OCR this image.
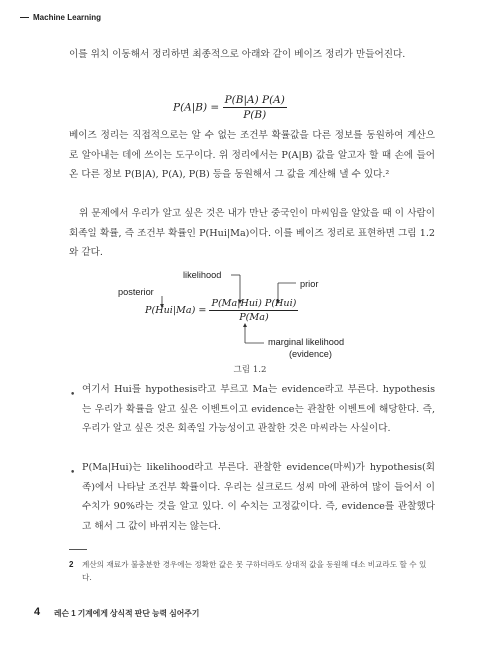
Machine Learning

이를 위치 이동해서 정리하면 최종적으로 아래와 같이 베이즈 정리가 만들어진다.

$P(A|B) = \frac{P(B|A) P(A)}{P(B)}$

베이즈 정리는 직접적으로는 알 수 없는 조건부 확률값을 다른 정보를 동원하여 계산으로 알아내는 데에 쓰이는 도구이다. 위 정리에서는 P(A|B) 값을 알고자 할 때 손에 들어온 다른 정보 P(B|A), P(A), P(B) 등을 동원해서 그 값을 계산해 낼 수 있다.²

위 문제에서 우리가 알고 싶은 것은 내가 만난 중국인이 마씨임을 알았을 때 이 사람이 회족일 확률, 즉 조건부 확률인 P(Hui|Ma)이다. 이를 베이즈 정리로 표현하면 그림 1.2와 같다.

likelihood
prior
posterior
$P(Hui|Ma) = \frac{\text{P(Ma|Hui) P(Hui)}}{P(Ma)}$
marginal likelihood
(evidence)
그림 1.2
• 여기서 Hui를 hypothesis라고 부르고 Ma는 evidence라고 부른다. hypothesis는 우리가 확률을 알고 싶은 이벤트이고 evidence는 관찰한 이벤트에 해당한다. 즉, 우리가 알고 싶은 것은 회족일 가능성이고 관찰한 것은 마씨라는 사실이다.

• P(Ma|Hui)는 likelihood라고 부른다. 관찰한 evidence(마씨)가 hypothesis(회족)에서 나타날 조건부 확률이다. 우리는 실크로드 성씨 마에 관하여 많이 들어서 이 수치가 90%라는 것을 알고 있다. 이 수치는 고정값이다. 즉, evidence를 관찰했다고 해서 그 값이 바뀌지는 않는다.

2 계산의 재료가 불충분한 경우에는 정확한 값은 못 구하더라도 상대적 값을 동원해 대소 비교라도 할 수 있다.

4 레슨 1 기계에게 상식적 판단 능력 심어주기
